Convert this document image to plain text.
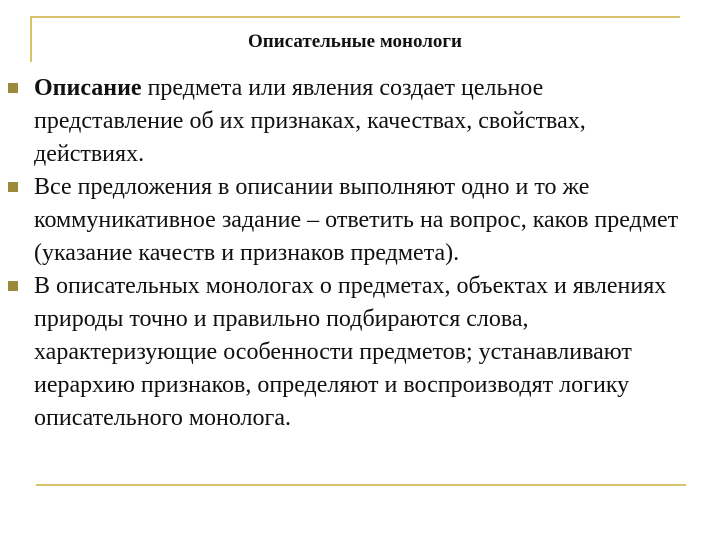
Описательные монологи
Описание предмета или явления создает цельное представление об их признаках, качествах, свойствах, действиях.
Все предложения в описании выполняют одно и то же коммуникативное задание – ответить на вопрос, каков предмет (указание качеств и признаков предмета).
В описательных монологах о предметах, объектах и явлениях природы точно и правильно подбираются слова, характеризующие особенности предметов; устанавливают иерархию признаков, определяют и воспроизводят логику описательного монолога.
